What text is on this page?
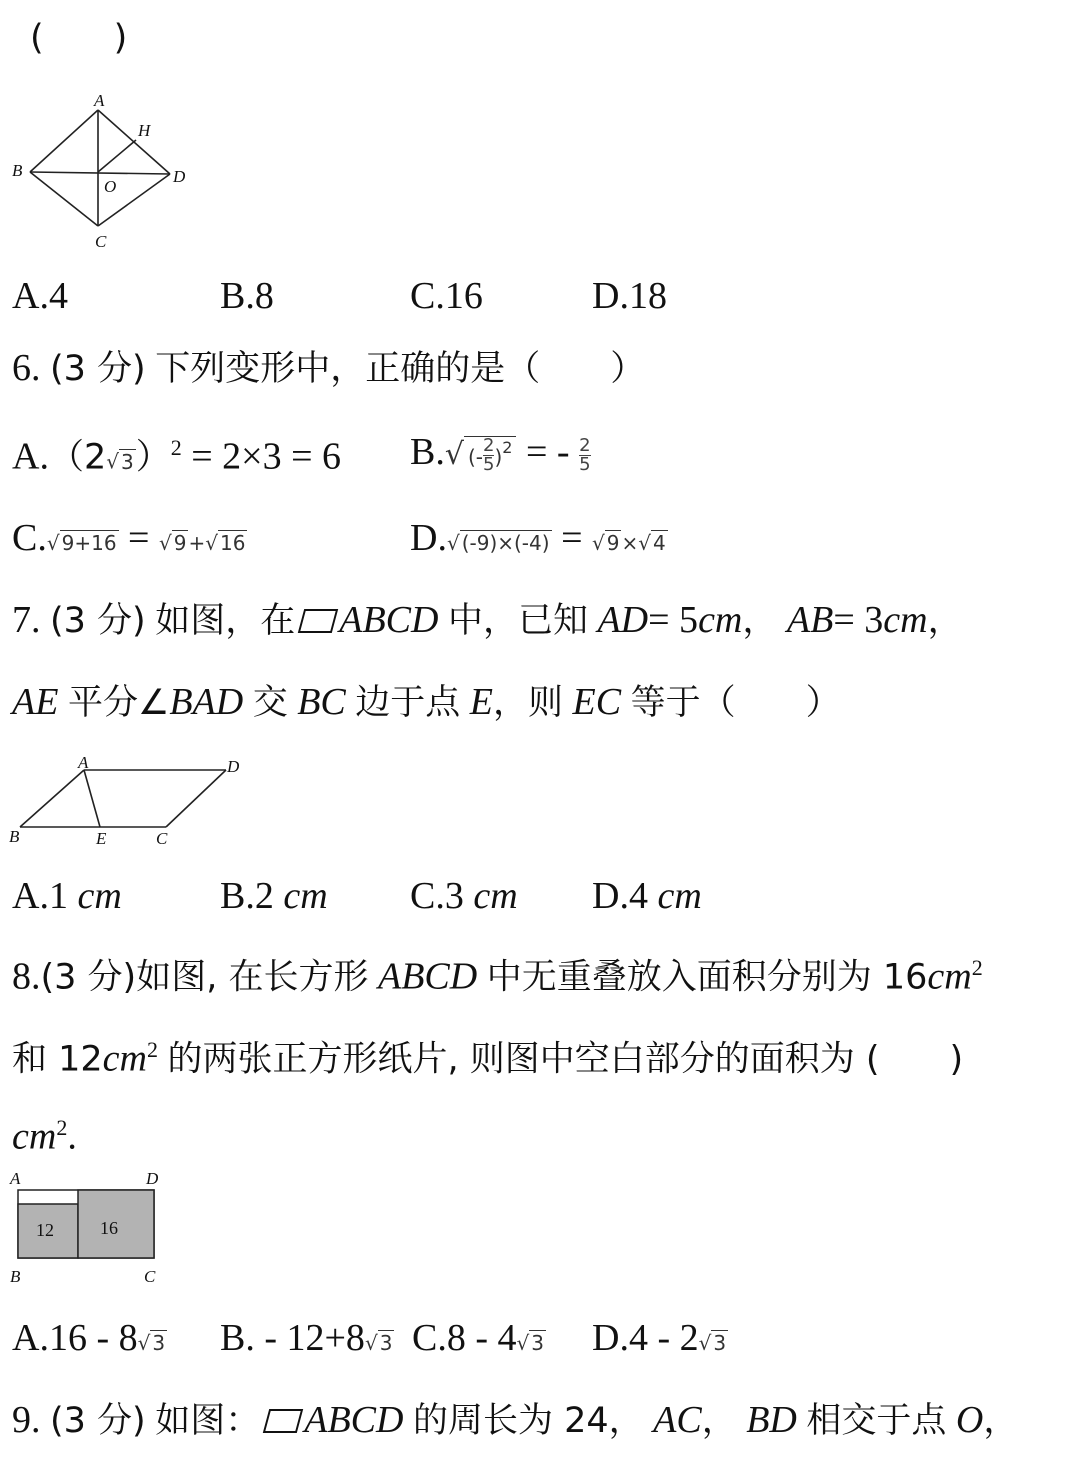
(　　)
A
B
C
D
O
H
A.4	B.8	C.16	D.18
6. (3 分) 下列变形中，正确的是（　　）
A.（2√ 3）$^2$ = 2×3 = 6 B.√ (- $\frac{2}{5} )^2$ = - $\frac{2}{5}$
C.√ 9+16 = √ 9 +√ 16	D.√ (-9)×(-4) = √ 9 ×√ 4
7. (3 分) 如图，在 ABCD 中，已知 AD= 5cm， AB= 3cm，
AE 平分∠BAD 交 BC 边于点 E，则 EC 等于（　　）
A
B	C
D
E
A.1 cm	B.2 cm C.3 cm D.4 cm
8.(3 分)如图, 在长方形 ABCD 中无重叠放入面积分别为 $16cm^2$
和 $12cm^2$ 的两张正方形纸片, 则图中空白部分的面积为 (　　)
$cm^2$.
A	D
B	C
12	16
A.16 - 8√ 3 B. - 12+8√ 3 C.8 - 4√ 3 D.4 - 2√ 3
9. (3 分) 如图： ABCD 的周长为 24， AC， BD 相交于点 O，
